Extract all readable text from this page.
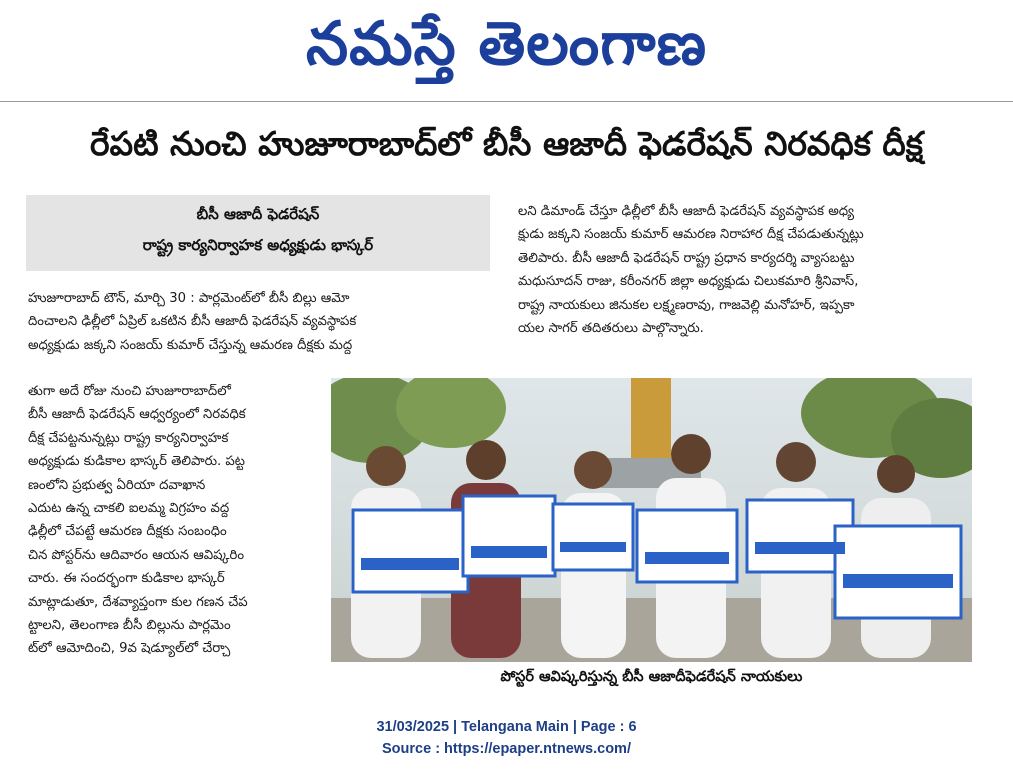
నమస్తే తెలంగాణ
రేపటి నుంచి హుజూరాబాద్‌లో బీసీ ఆజాదీ ఫెడరేషన్ నిరవధిక దీక్ష
బీసీ ఆజాదీ ఫెడరేషన్
రాష్ట్ర కార్యనిర్వాహక అధ్యక్షుడు భాస్కర్
హుజూరాబాద్ టౌన్, మార్చి 30 : పార్లమెంట్‌లో బీసీ బిల్లు ఆమో
దించాలని ఢిల్లీలో ఏప్రిల్ ఒకటిన బీసీ ఆజాదీ ఫెడరేషన్ వ్యవస్థాపక
అధ్యక్షుడు జక్కని సంజయ్ కుమార్ చేస్తున్న ఆమరణ దీక్షకు మద్ద
తుగా అదే రోజు నుంచి హుజూరాబాద్‌లో
బీసీ ఆజాదీ ఫెడరేషన్ ఆధ్వర్యంలో నిరవధిక
దీక్ష చేపట్టనున్నట్లు రాష్ట్ర కార్యనిర్వాహక
అధ్యక్షుడు కుడికాల భాస్కర్ తెలిపారు. పట్ట
ణంలోని ప్రభుత్వ ఏరియా దవాఖాన
ఎదుట ఉన్న చాకలి ఐలమ్మ విగ్రహం వద్ద
ఢిల్లీలో చేపట్టే ఆమరణ దీక్షకు సంబంధిం
చిన పోస్టర్‌ను ఆదివారం ఆయన ఆవిష్కరిం
చారు. ఈ సందర్భంగా కుడికాల భాస్కర్
మాట్లాడుతూ, దేశవ్యాప్తంగా కుల గణన చేప
ట్టాలని, తెలంగాణ బీసీ బిల్లును పార్లమెం
ట్‌లో ఆమోదించి, 9వ షెడ్యూల్‌లో చేర్చా
లని డిమాండ్ చేస్తూ ఢిల్లీలో బీసీ ఆజాదీ ఫెడరేషన్ వ్యవస్థాపక అధ్య
క్షుడు జక్కని సంజయ్ కుమార్ ఆమరణ నిరాహార దీక్ష చేపడుతున్నట్లు
తెలిపారు. బీసీ ఆజాదీ ఫెడరేషన్ రాష్ట్ర ప్రధాన కార్యదర్శి వ్యాసబట్టు
మధుసూదన్ రాజు, కరీంనగర్ జిల్లా అధ్యక్షుడు చిలుకమారి శ్రీనివాస్,
రాష్ట్ర నాయకులు జినుకల లక్ష్మణరావు, గాజవెల్లి మనోహర్, ఇప్పకా
యల సాగర్ తదితరులు పాల్గొన్నారు.
పోస్టర్ ఆవిష్కరిస్తున్న బీసీ ఆజాదీఫెడరేషన్ నాయకులు
31/03/2025 | Telangana Main | Page : 6
Source : https://epaper.ntnews.com/
